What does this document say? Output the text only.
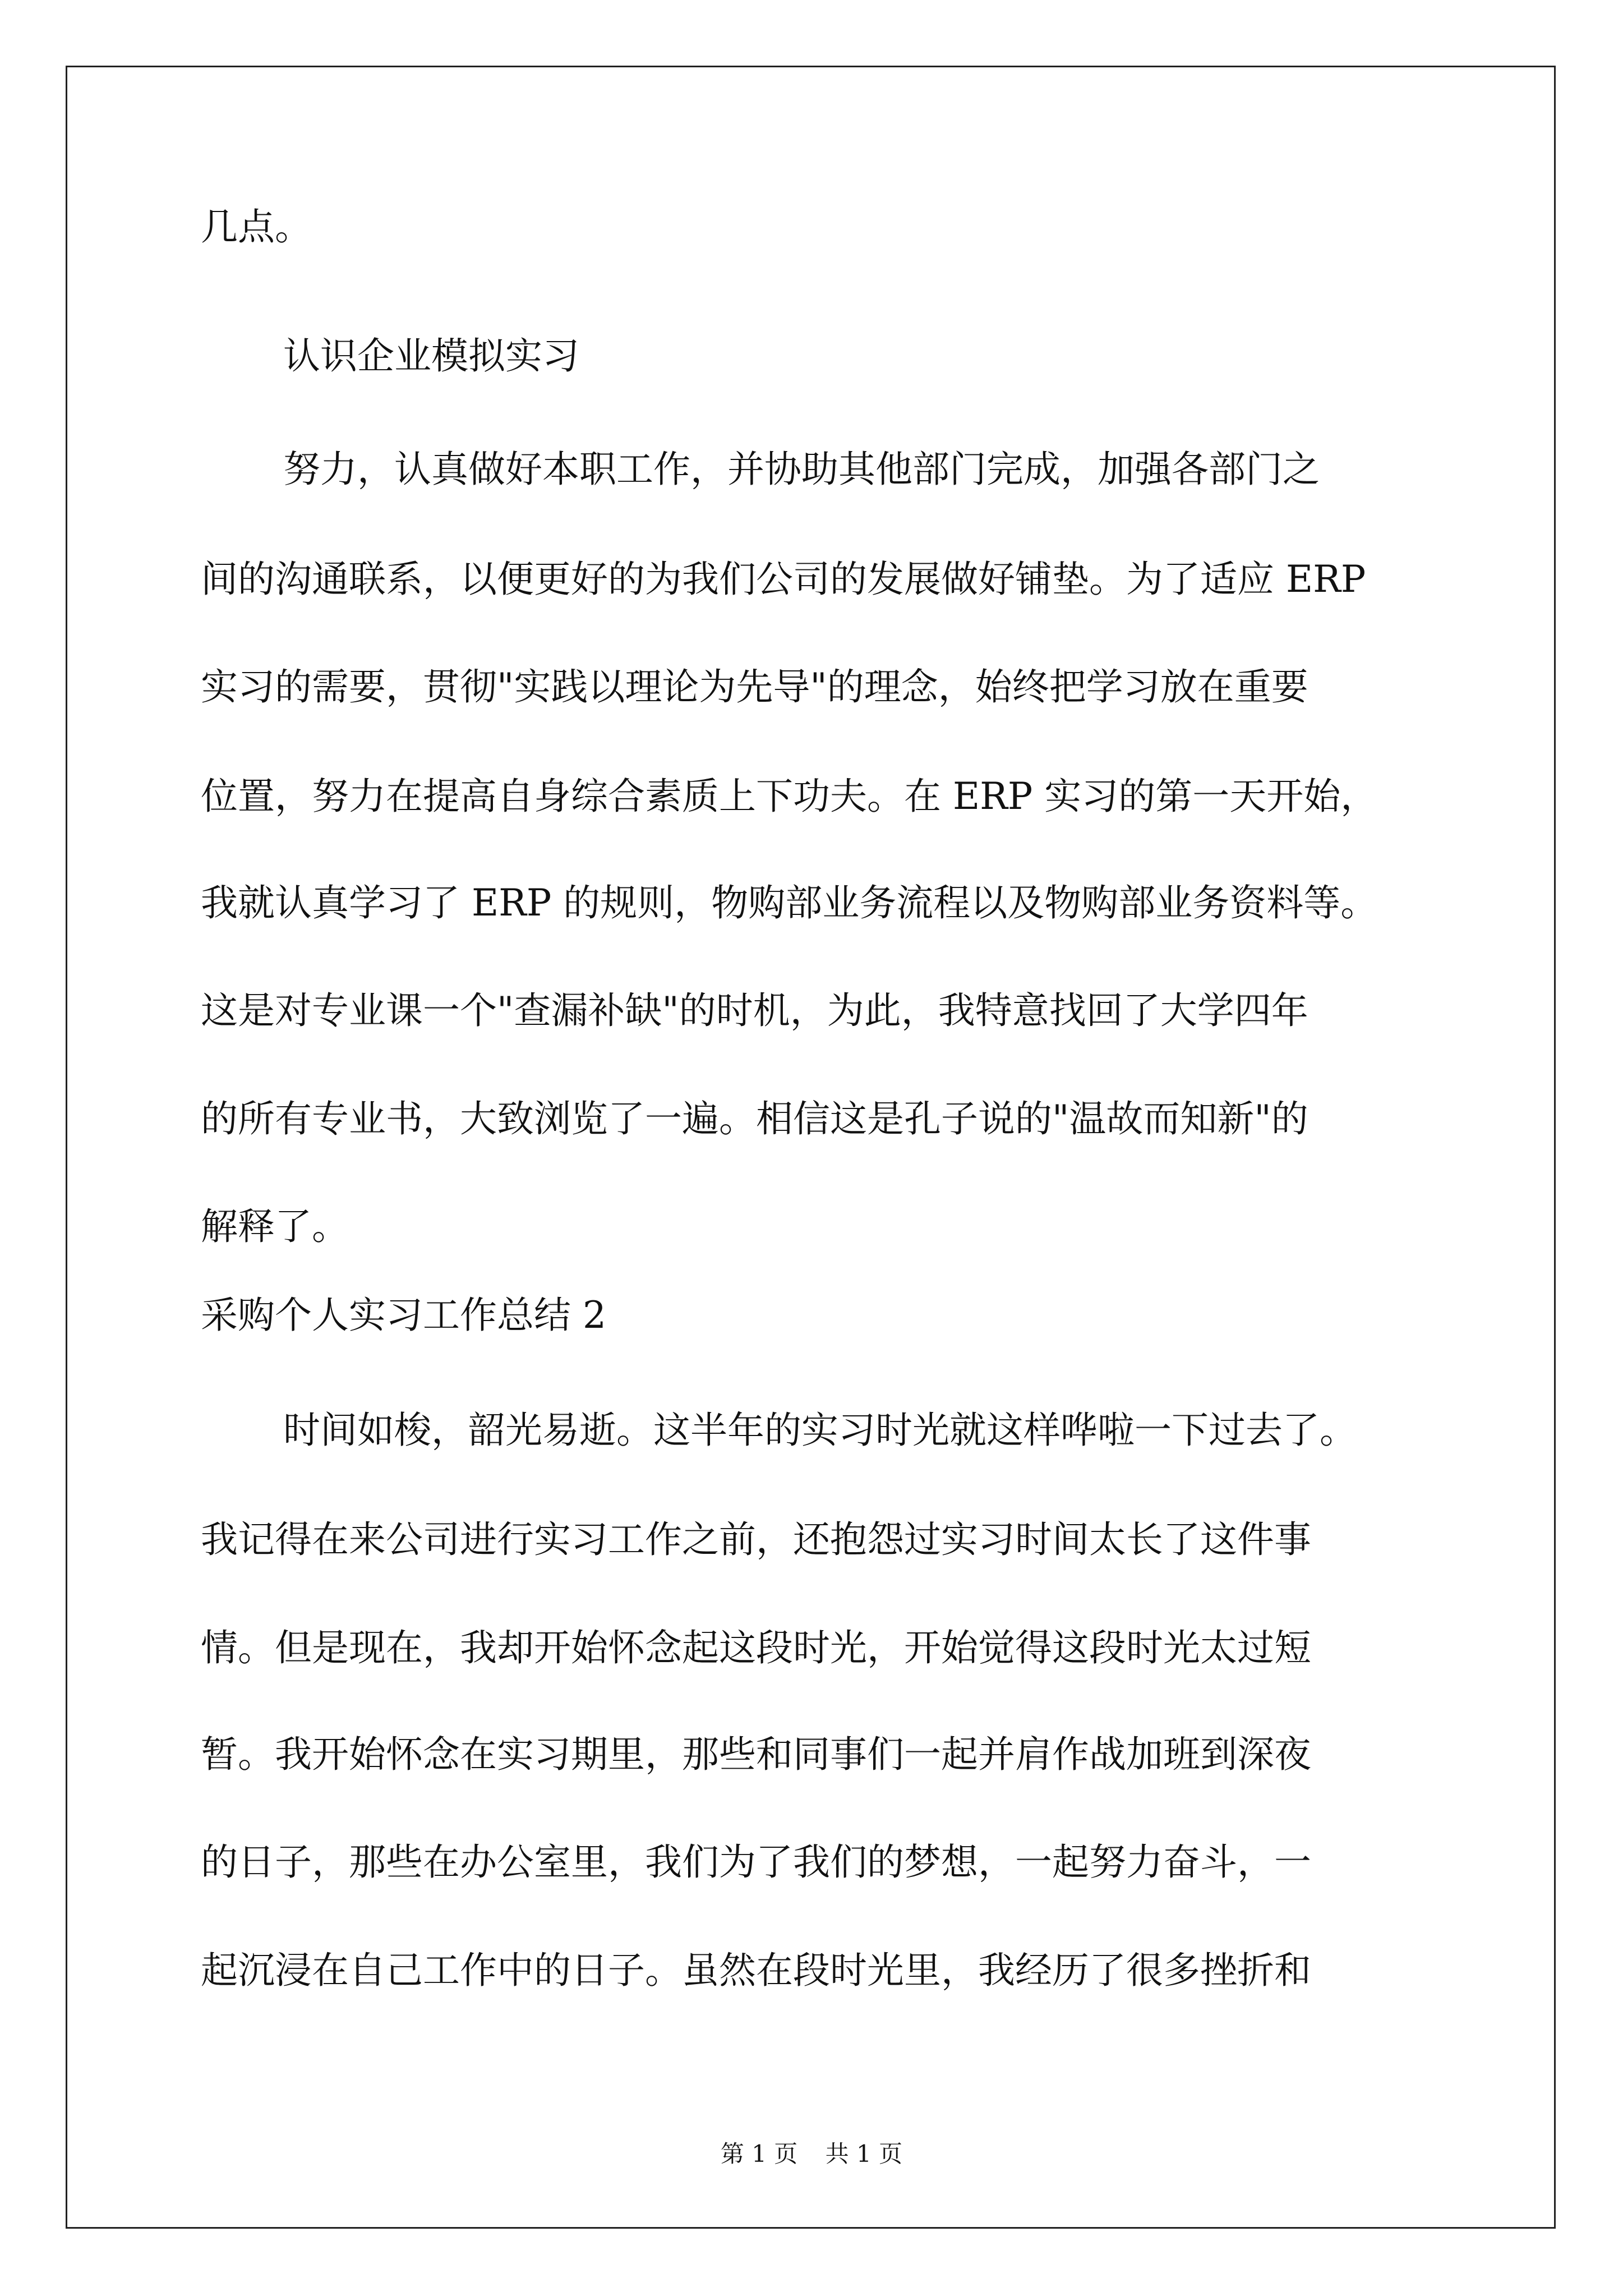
几点。
认识企业模拟实习
努力，认真做好本职工作，并协助其他部门完成，加强各部门之
间的沟通联系，以便更好的为我们公司的发展做好铺垫。为了适应 ERP
实习的需要，贯彻"实践以理论为先导"的理念，始终把学习放在重要
位置，努力在提高自身综合素质上下功夫。在 ERP 实习的第一天开始，
我就认真学习了 ERP 的规则，物购部业务流程以及物购部业务资料等。
这是对专业课一个"查漏补缺"的时机，为此，我特意找回了大学四年
的所有专业书，大致浏览了一遍。相信这是孔子说的"温故而知新"的
解释了。
采购个人实习工作总结 2
时间如梭，韶光易逝。这半年的实习时光就这样哗啦一下过去了。
我记得在来公司进行实习工作之前，还抱怨过实习时间太长了这件事
情。但是现在，我却开始怀念起这段时光，开始觉得这段时光太过短
暂。我开始怀念在实习期里，那些和同事们一起并肩作战加班到深夜
的日子，那些在办公室里，我们为了我们的梦想，一起努力奋斗，一
起沉浸在自己工作中的日子。虽然在段时光里，我经历了很多挫折和
第 1 页 共 1 页
